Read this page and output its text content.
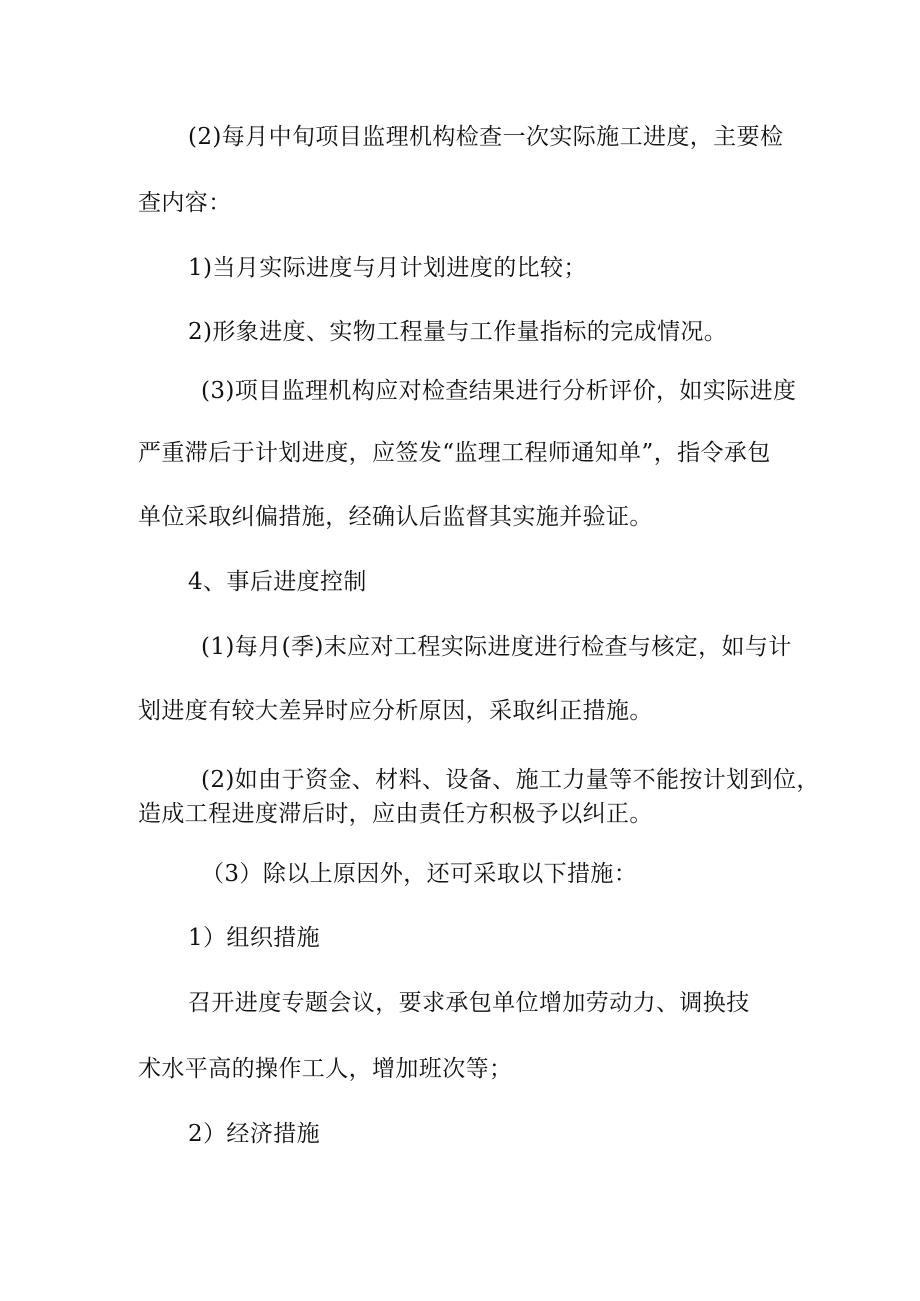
(2)每月中旬项目监理机构检查一次实际施工进度，主要检
查内容：
1)当月实际进度与月计划进度的比较；
2)形象进度、实物工程量与工作量指标的完成情况。
(3)项目监理机构应对检查结果进行分析评价，如实际进度
严重滞后于计划进度，应签发“监理工程师通知单”，指令承包
单位采取纠偏措施，经确认后监督其实施并验证。
4、事后进度控制
(1)每月(季)末应对工程实际进度进行检查与核定，如与计
划进度有较大差异时应分析原因，采取纠正措施。
(2)如由于资金、材料、设备、施工力量等不能按计划到位，
造成工程进度滞后时，应由责任方积极予以纠正。
（3）除以上原因外，还可采取以下措施：
1）组织措施
召开进度专题会议，要求承包单位增加劳动力、调换技
术水平高的操作工人，增加班次等；
2）经济措施
